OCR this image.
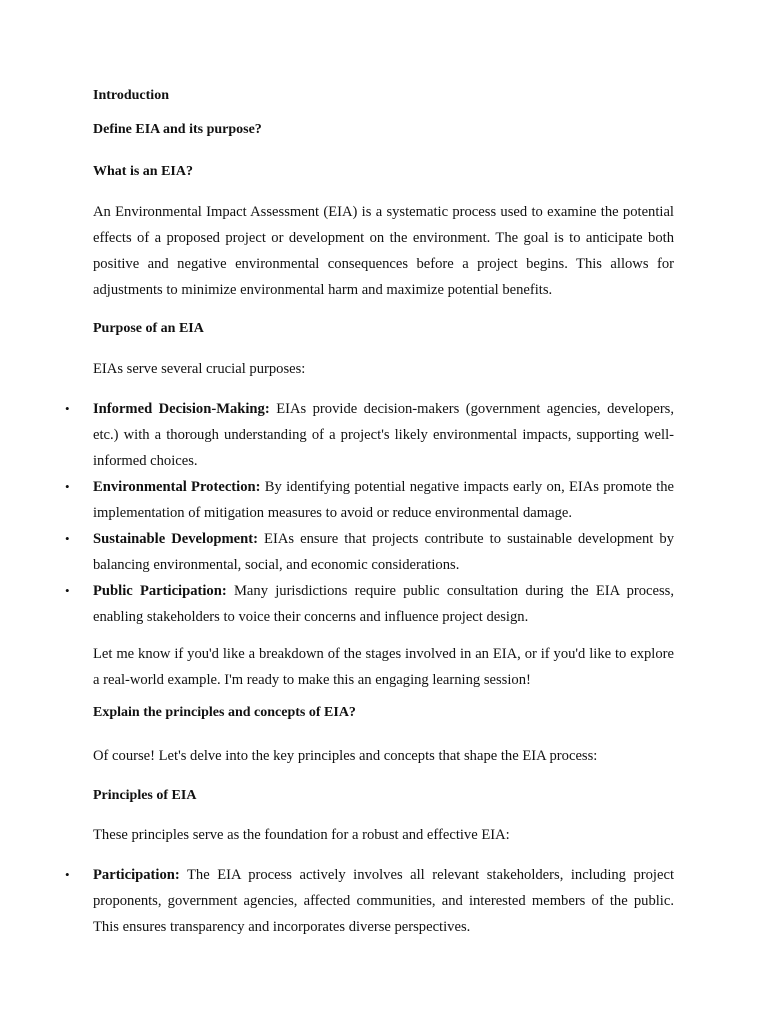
Introduction
Define EIA and its purpose?
What is an EIA?
An Environmental Impact Assessment (EIA) is a systematic process used to examine the potential effects of a proposed project or development on the environment. The goal is to anticipate both positive and negative environmental consequences before a project begins. This allows for adjustments to minimize environmental harm and maximize potential benefits.
Purpose of an EIA
EIAs serve several crucial purposes:
• Informed Decision-Making: EIAs provide decision-makers (government agencies, developers, etc.) with a thorough understanding of a project's likely environmental impacts, supporting well-informed choices.
• Environmental Protection: By identifying potential negative impacts early on, EIAs promote the implementation of mitigation measures to avoid or reduce environmental damage.
• Sustainable Development: EIAs ensure that projects contribute to sustainable development by balancing environmental, social, and economic considerations.
• Public Participation: Many jurisdictions require public consultation during the EIA process, enabling stakeholders to voice their concerns and influence project design.
Let me know if you'd like a breakdown of the stages involved in an EIA, or if you'd like to explore a real-world example. I'm ready to make this an engaging learning session!
Explain the principles and concepts of EIA?
Of course! Let's delve into the key principles and concepts that shape the EIA process:
Principles of EIA
These principles serve as the foundation for a robust and effective EIA:
• Participation: The EIA process actively involves all relevant stakeholders, including project proponents, government agencies, affected communities, and interested members of the public. This ensures transparency and incorporates diverse perspectives.
